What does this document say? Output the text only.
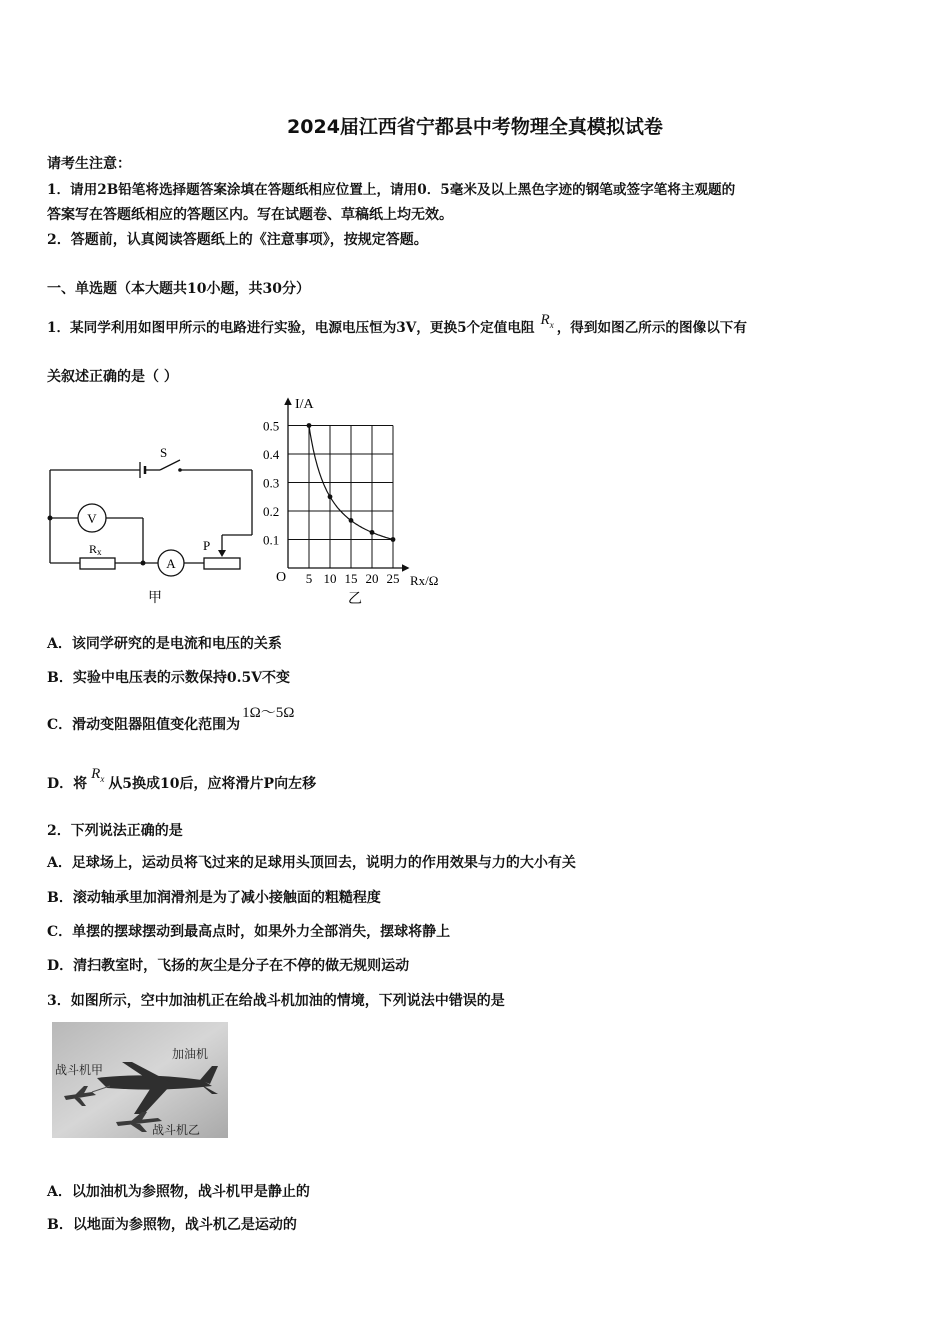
2024届江西省宁都县中考物理全真模拟试卷
请考生注意：
1．请用2B铅笔将选择题答案涂填在答题纸相应位置上，请用0．5毫米及以上黑色字迹的钢笔或签字笔将主观题的
答案写在答题纸相应的答题区内。写在试题卷、草稿纸上均无效。
2．答题前，认真阅读答题纸上的《注意事项》，按规定答题。
一、单选题（本大题共10小题，共30分）
1．某同学利用如图甲所示的电路进行实验，电源电压恒为3V，更换5个定值电阻 $R_x$ ，得到如图乙所示的图像以下有
关叙述正确的是（ ）
S
V
Rx
A
P
甲
0.5
0.4
0.3
0.2
0.1
5 10 15 20 25
I/A
O	Rx/Ω
乙
A．该同学研究的是电流和电压的关系
B．实验中电压表的示数保持0.5V不变
C．滑动变阻器阻值变化范围为1Ω～5Ω
D．将$R_x$ 从5换成10后，应将滑片P向左移
2．下列说法正确的是
A．足球场上，运动员将飞过来的足球用头顶回去，说明力的作用效果与力的大小有关
B．滚动轴承里加润滑剂是为了减小接触面的粗糙程度
C．单摆的摆球摆动到最高点时，如果外力全部消失，摆球将静上
D．清扫教室时，飞扬的灰尘是分子在不停的做无规则运动
3．如图所示，空中加油机正在给战斗机加油的情境，下列说法中错误的是
加油机
战斗机甲
战斗机乙
A．以加油机为参照物，战斗机甲是静止的
B．以地面为参照物，战斗机乙是运动的
